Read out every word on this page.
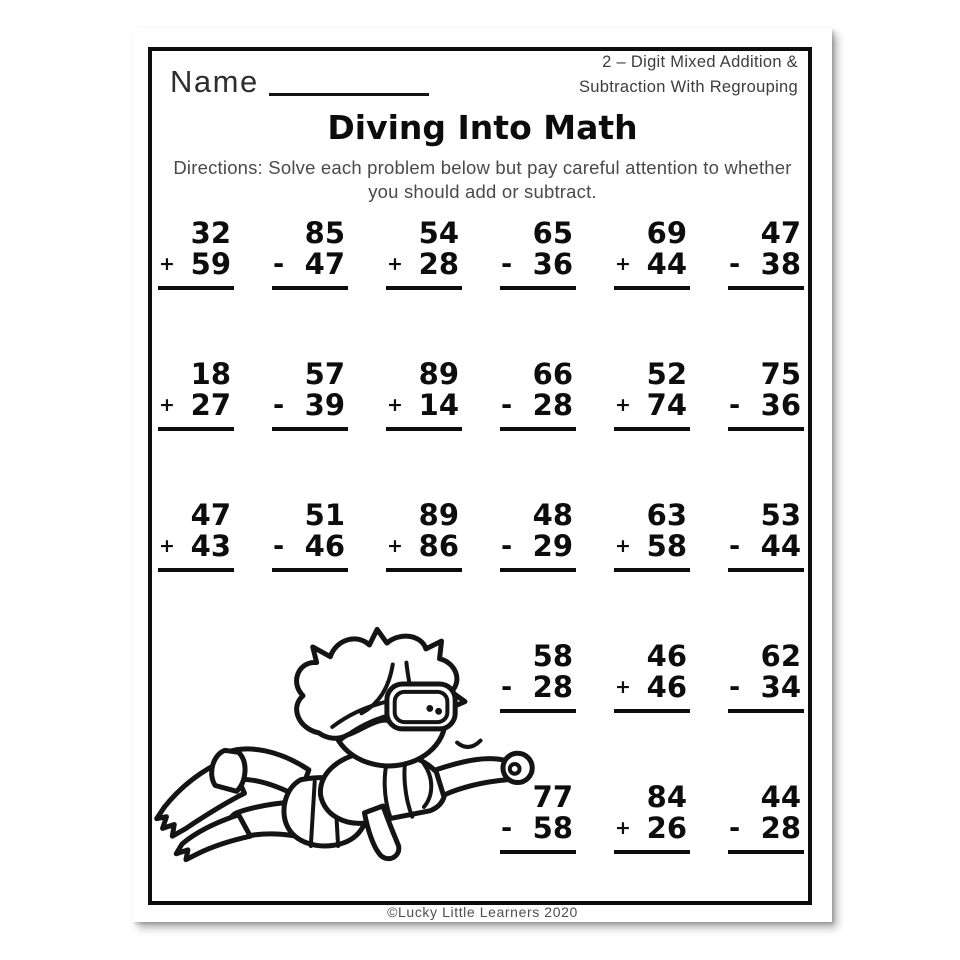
Name
2 – Digit Mixed Addition &
Subtraction With Regrouping
Diving Into Math
Directions: Solve each problem below but pay careful attention to whether
you should add or subtract.
32
+ 59
85
- 47
54
+ 28
65
- 36
69
+ 44
47
- 38
18
+ 27
57
- 39
89
+ 14
66
- 28
52
+ 74
75
- 36
47
+ 43
51
- 46
89
+ 86
48
- 29
63
+ 58
53
- 44
58
- 28
46
+ 46
62
- 34
77
- 58
84
+ 26
44
- 28
©Lucky Little Learners 2020
